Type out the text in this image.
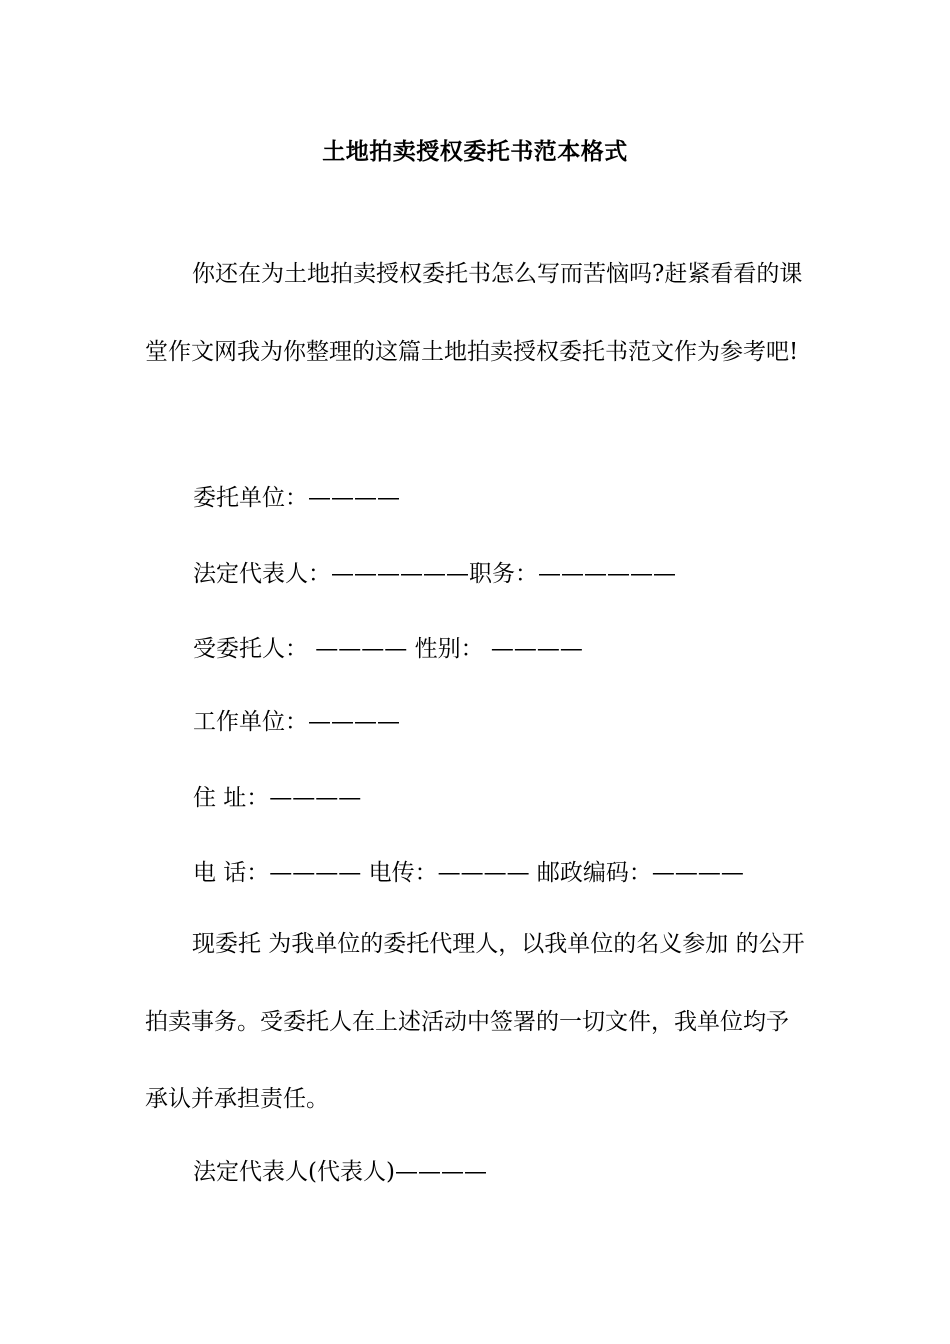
土地拍卖授权委托书范本格式

你还在为土地拍卖授权委托书怎么写而苦恼吗?赶紧看看的课堂作文网我为你整理的这篇土地拍卖授权委托书范文作为参考吧!

委托单位：————
法定代表人：——————职务：——————
受委托人： ———— 性别： ————
工作单位：————
住 址：————
电 话：———— 电传：———— 邮政编码：————

现委托 为我单位的委托代理人，以我单位的名义参加 的公开拍卖事务。受委托人在上述活动中签署的一切文件，我单位均予承认并承担责任。

法定代表人(代表人)————
